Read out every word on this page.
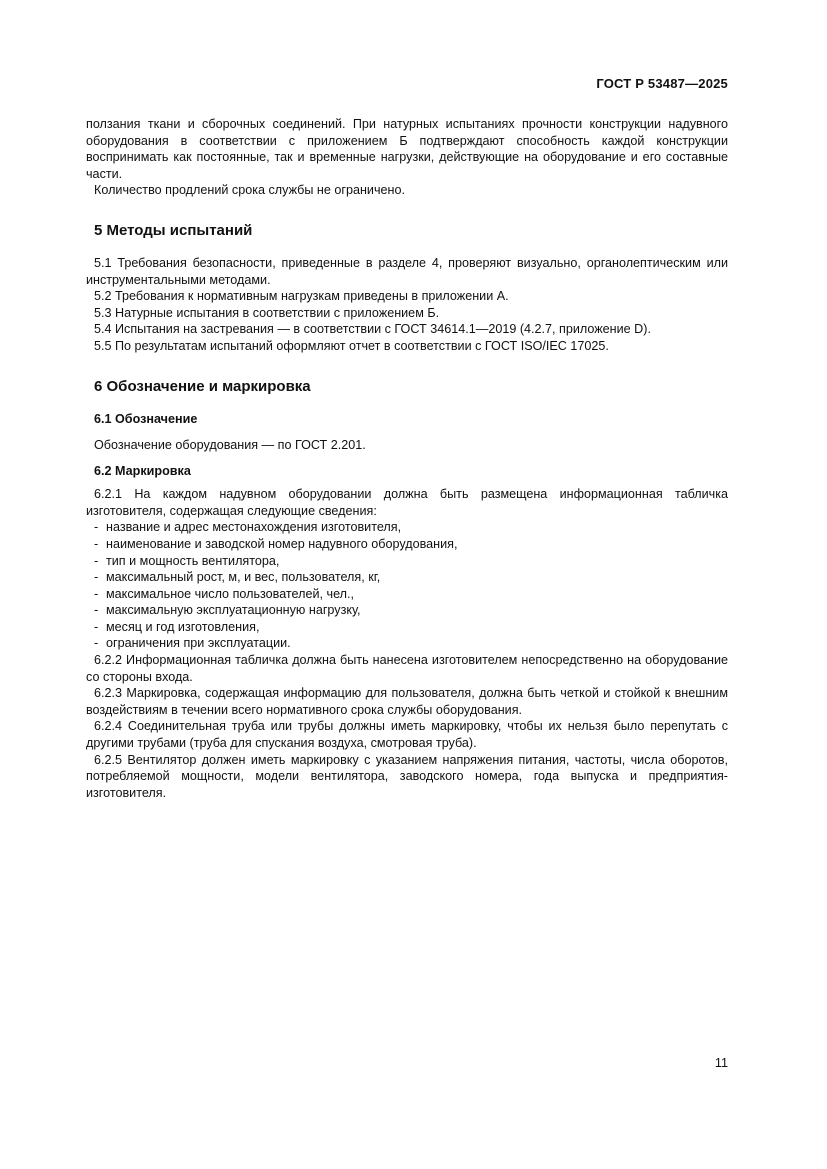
ГОСТ Р 53487—2025

ползания ткани и сборочных соединений. При натурных испытаниях прочности конструкции надувного оборудования в соответствии с приложением Б подтверждают способность каждой конструкции воспринимать как постоянные, так и временные нагрузки, действующие на оборудование и его составные части.

Количество продлений срока службы не ограничено.

5 Методы испытаний

5.1 Требования безопасности, приведенные в разделе 4, проверяют визуально, органолептическим или инструментальными методами.

5.2 Требования к нормативным нагрузкам приведены в приложении А.

5.3 Натурные испытания в соответствии с приложением Б.

5.4 Испытания на застревания — в соответствии с ГОСТ 34614.1—2019 (4.2.7, приложение D).

5.5 По результатам испытаний оформляют отчет в соответствии с ГОСТ ISO/IEC 17025.

6 Обозначение и маркировка
6.1 Обозначение

Обозначение оборудования — по ГОСТ 2.201.

6.2 Маркировка

6.2.1 На каждом надувном оборудовании должна быть размещена информационная табличка изготовителя, содержащая следующие сведения:

- название и адрес местонахождения изготовителя,
- наименование и заводской номер надувного оборудования,
- тип и мощность вентилятора,
- максимальный рост, м, и вес, пользователя, кг,
- максимальное число пользователей, чел.,
- максимальную эксплуатационную нагрузку,
- месяц и год изготовления,
- ограничения при эксплуатации.

6.2.2 Информационная табличка должна быть нанесена изготовителем непосредственно на оборудование со стороны входа.

6.2.3 Маркировка, содержащая информацию для пользователя, должна быть четкой и стойкой к внешним воздействиям в течении всего нормативного срока службы оборудования.

6.2.4 Соединительная труба или трубы должны иметь маркировку, чтобы их нельзя было перепутать с другими трубами (труба для спускания воздуха, смотровая труба).

6.2.5 Вентилятор должен иметь маркировку с указанием напряжения питания, частоты, числа оборотов, потребляемой мощности, модели вентилятора, заводского номера, года выпуска и предприятия-изготовителя.

11
